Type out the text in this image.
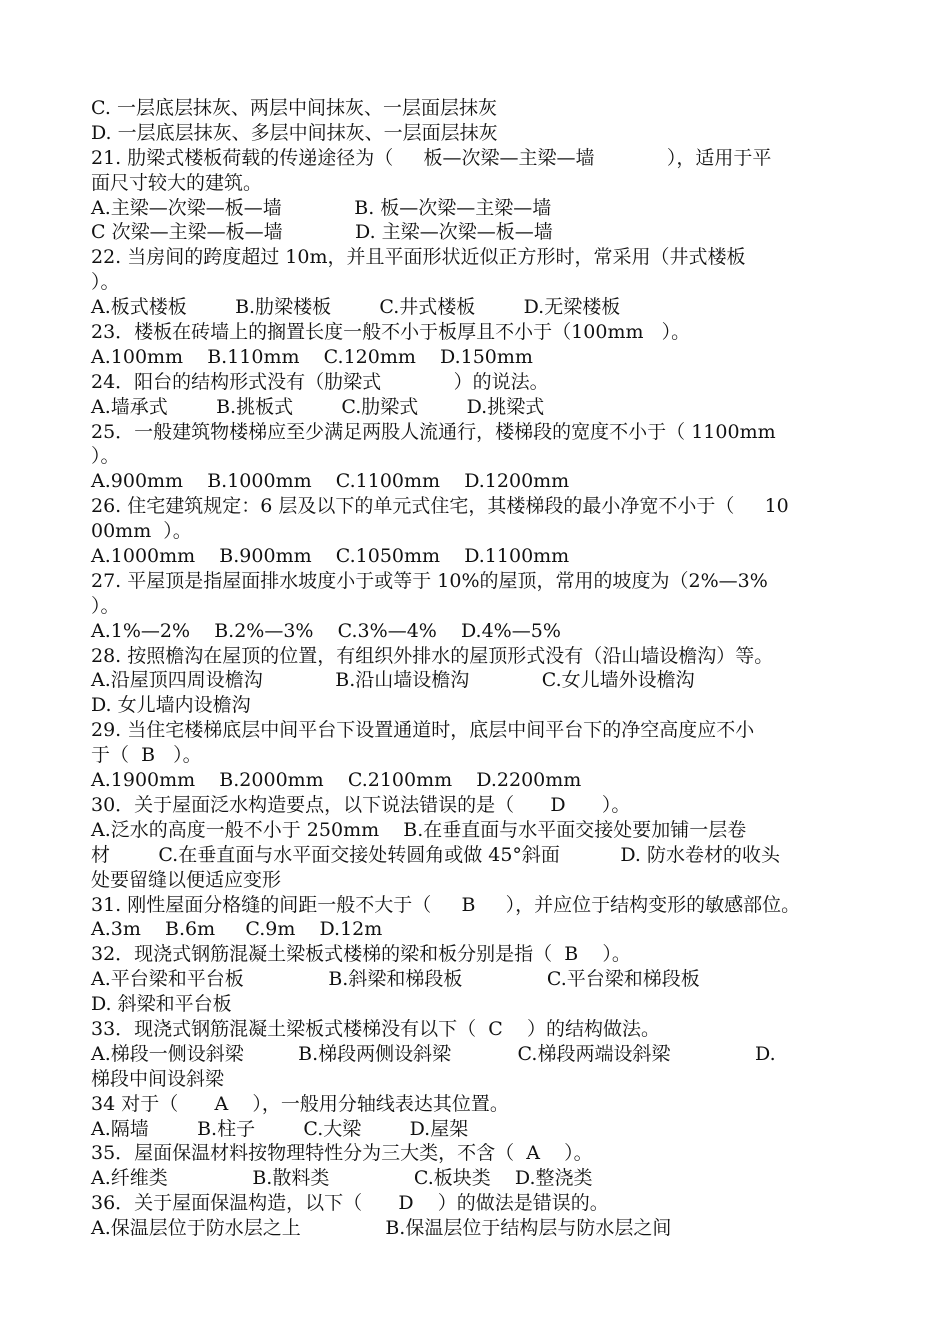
C. 一层底层抹灰、两层中间抹灰、一层面层抹灰
D. 一层底层抹灰、多层中间抹灰、一层面层抹灰
21. 肋梁式楼板荷载的传递途径为（     板—次梁—主梁—墙            ），适用于平
面尺寸较大的建筑。
A.主梁—次梁—板—墙            B. 板—次梁—主梁—墙
C 次梁—主梁—板—墙            D. 主梁—次梁—板—墙
22. 当房间的跨度超过 10m，并且平面形状近似正方形时，常采用（井式楼板
）。
A.板式楼板        B.肋梁楼板        C.井式楼板        D.无梁楼板
23．楼板在砖墙上的搁置长度一般不小于板厚且不小于（100mm   ）。
A.100mm    B.110mm    C.120mm    D.150mm
24．阳台的结构形式没有（肋梁式            ）的说法。
A.墙承式        B.挑板式        C.肋梁式        D.挑梁式
25．一般建筑物楼梯应至少满足两股人流通行，楼梯段的宽度不小于（ 1100mm
）。
A.900mm    B.1000mm    C.1100mm    D.1200mm
26. 住宅建筑规定：6 层及以下的单元式住宅，其楼梯段的最小净宽不小于（     10
00mm  ）。
A.1000mm    B.900mm    C.1050mm    D.1100mm
27. 平屋顶是指屋面排水坡度小于或等于 10%的屋顶，常用的坡度为（2%—3%
）。
A.1%—2%    B.2%—3%    C.3%—4%    D.4%—5%
28. 按照檐沟在屋顶的位置，有组织外排水的屋顶形式没有（沿山墙设檐沟）等。
A.沿屋顶四周设檐沟            B.沿山墙设檐沟            C.女儿墙外设檐沟
D. 女儿墙内设檐沟
29. 当住宅楼梯底层中间平台下设置通道时，底层中间平台下的净空高度应不小
于（  B   ）。
A.1900mm    B.2000mm    C.2100mm    D.2200mm
30．关于屋面泛水构造要点，以下说法错误的是（      D      ）。
A.泛水的高度一般不小于 250mm    B.在垂直面与水平面交接处要加铺一层卷
材        C.在垂直面与水平面交接处转圆角或做 45°斜面          D. 防水卷材的收头
处要留缝以便适应变形
31. 刚性屋面分格缝的间距一般不大于（     B     ），并应位于结构变形的敏感部位。
A.3m    B.6m     C.9m    D.12m
32．现浇式钢筋混凝土梁板式楼梯的梁和板分别是指（  B    ）。
A.平台梁和平台板              B.斜梁和梯段板              C.平台梁和梯段板
D. 斜梁和平台板
33．现浇式钢筋混凝土梁板式楼梯没有以下（  C    ）的结构做法。
A.梯段一侧设斜梁         B.梯段两侧设斜梁           C.梯段两端设斜梁              D.
梯段中间设斜梁
34 对于（      A    ），一般用分轴线表达其位置。
A.隔墙        B.柱子        C.大梁        D.屋架
35．屋面保温材料按物理特性分为三大类，不含（  A    ）。
A.纤维类              B.散料类              C.板块类    D.整浇类
36．关于屋面保温构造，以下（      D    ）的做法是错误的。
A.保温层位于防水层之上              B.保温层位于结构层与防水层之间
